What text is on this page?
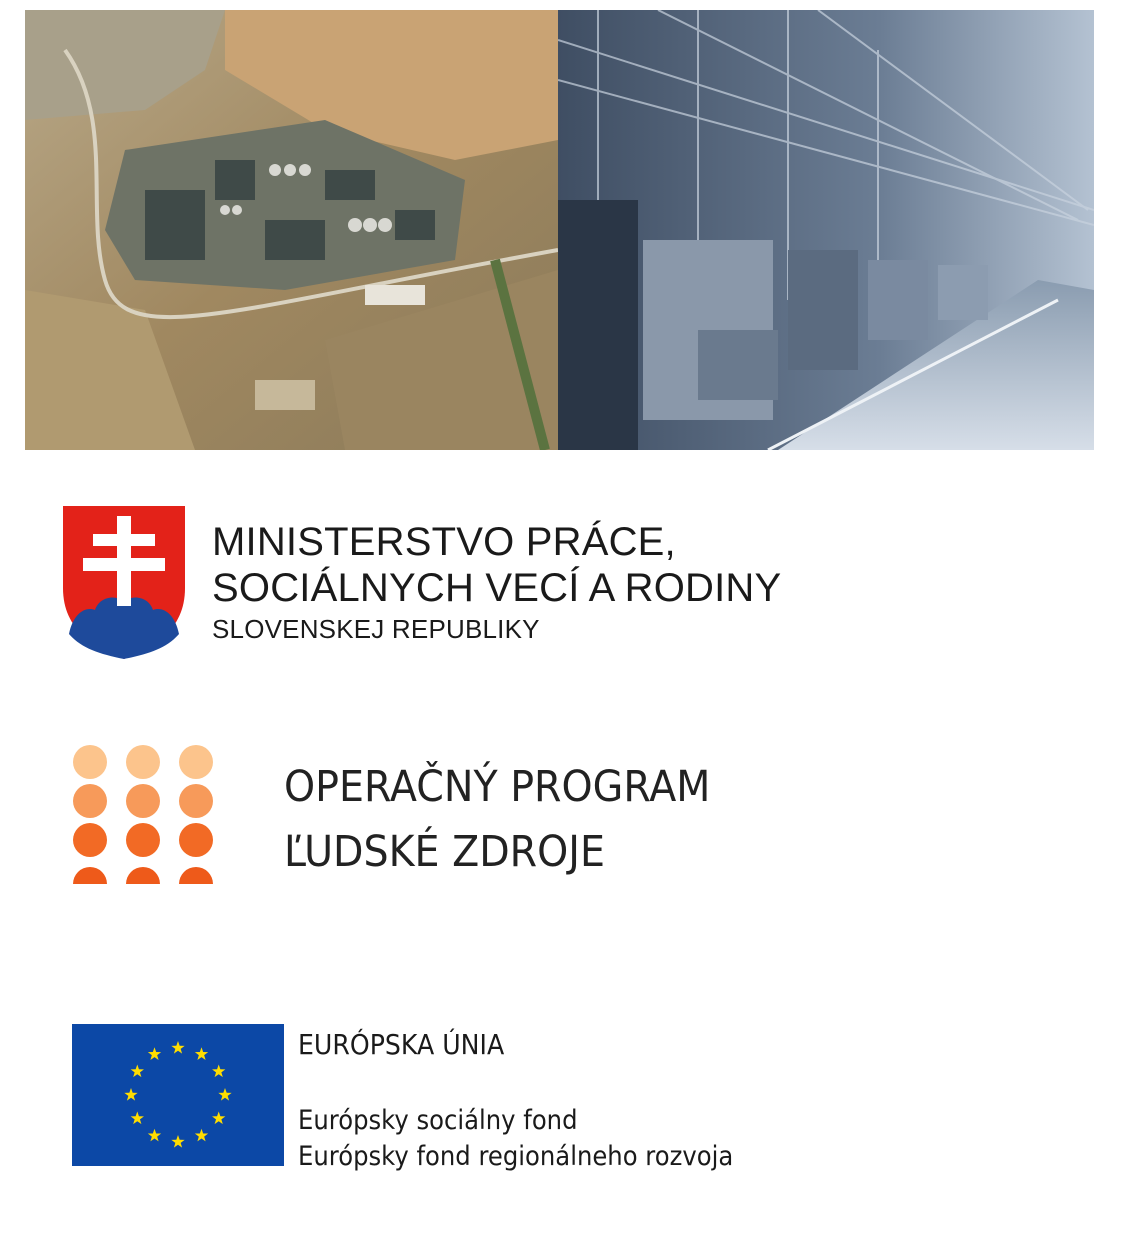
MINISTERSTVO PRÁCE,
SOCIÁLNYCH VECÍ A RODINY
SLOVENSKEJ REPUBLIKY
OPERAČNÝ PROGRAM
ĽUDSKÉ ZDROJE
EURÓPSKA ÚNIA
Európsky sociálny fond
Európsky fond regionálneho rozvoja
